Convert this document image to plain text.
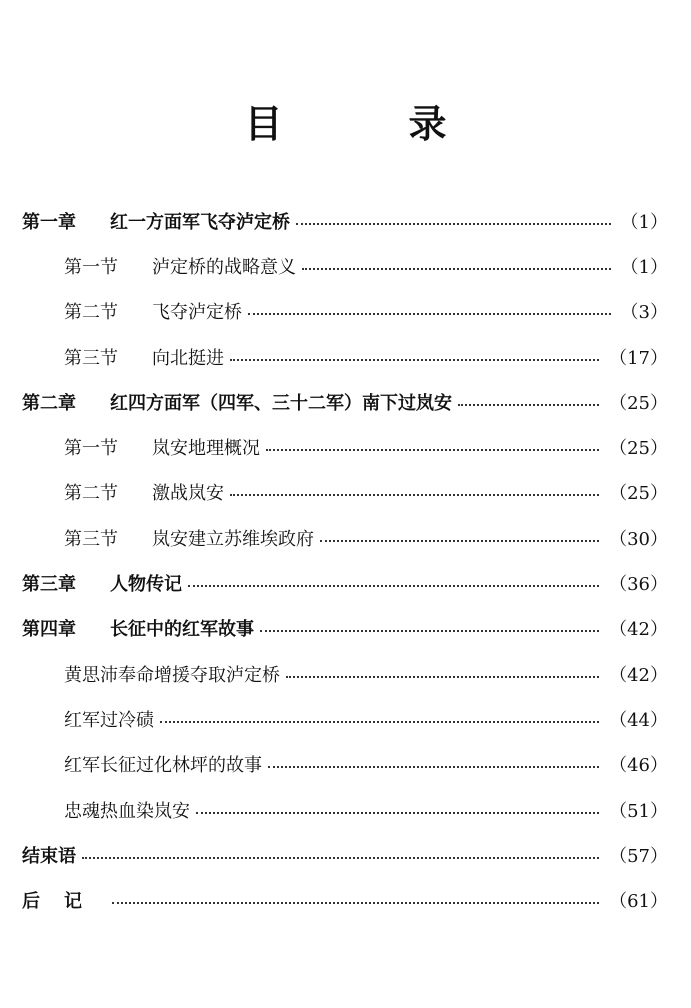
目　录
第一章	红一方面军飞夺泸定桥	（1）
第一节	泸定桥的战略意义	（1）
第二节	飞夺泸定桥	（3）
第三节	向北挺进	（17）
第二章	红四方面军（四军、三十二军）南下过岚安	（25）
第一节	岚安地理概况	（25）
第二节	激战岚安	（25）
第三节	岚安建立苏维埃政府	（30）
第三章	人物传记	（36）
第四章	长征中的红军故事	（42）
黄思沛奉命增援夺取泸定桥	（42）
红军过冷碛	（44）
红军长征过化林坪的故事	（46）
忠魂热血染岚安	（51）
结束语	（57）
后记	（61）
